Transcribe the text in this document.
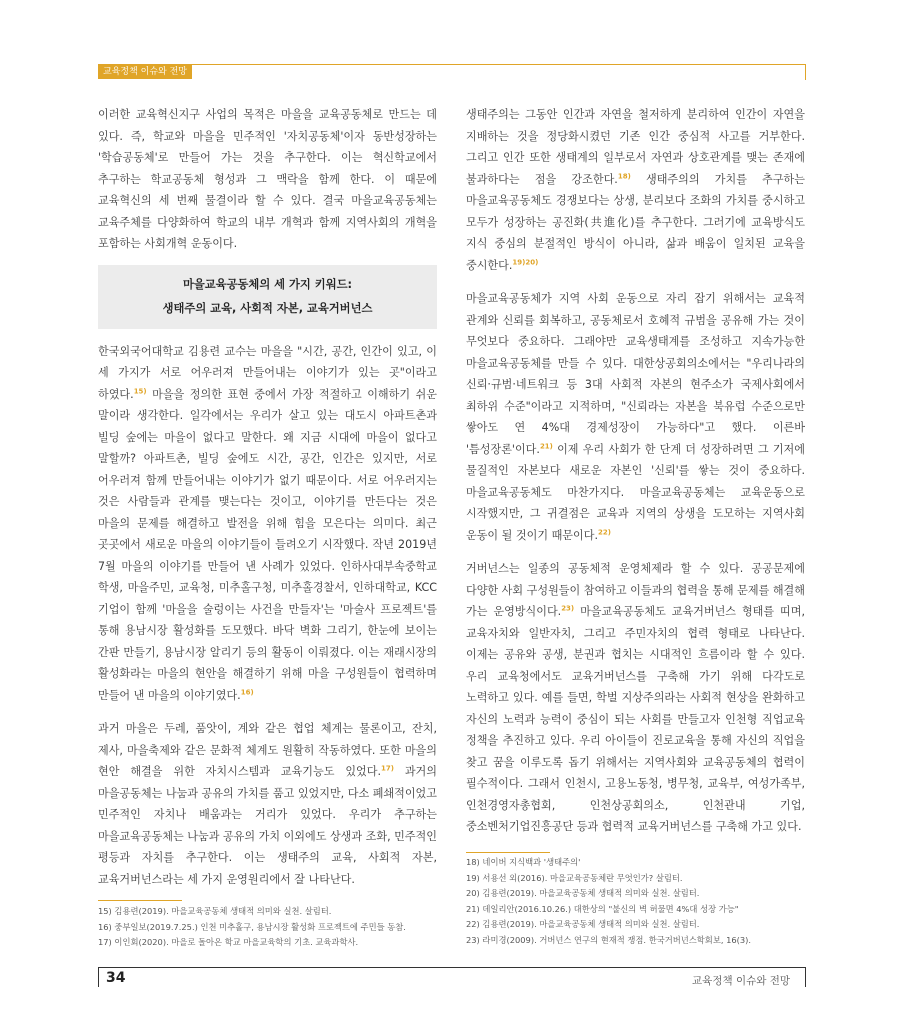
교육정책 이슈와 전망

이러한 교육혁신지구 사업의 목적은 마을을 교육공동체로 만드는 데 있다. 즉, 학교와 마을을 민주적인 '자치공동체'이자 동반성장하는 '학습공동체'로 만들어 가는 것을 추구한다. 이는 혁신학교에서 추구하는 학교공동체 형성과 그 맥락을 함께 한다. 이 때문에 교육혁신의 세 번째 물결이라 할 수 있다. 결국 마을교육공동체는 교육주체를 다양화하여 학교의 내부 개혁과 함께 지역사회의 개혁을 포함하는 사회개혁 운동이다.

마을교육공동체의 세 가지 키워드:
생태주의 교육, 사회적 자본, 교육거버넌스

한국외국어대학교 김용련 교수는 마을을 "시간, 공간, 인간이 있고, 이 세 가지가 서로 어우러져 만들어내는 이야기가 있는 곳"이라고 하였다.$^{15)}$ 마을을 정의한 표현 중에서 가장 적절하고 이해하기 쉬운 말이라 생각한다. 일각에서는 우리가 살고 있는 대도시 아파트촌과 빌딩 숲에는 마을이 없다고 말한다. 왜 지금 시대에 마을이 없다고 말할까? 아파트촌, 빌딩 숲에도 시간, 공간, 인간은 있지만, 서로 어우러져 함께 만들어내는 이야기가 없기 때문이다. 서로 어우러지는 것은 사람들과 관계를 맺는다는 것이고, 이야기를 만든다는 것은 마을의 문제를 해결하고 발전을 위해 힘을 모은다는 의미다. 최근 곳곳에서 새로운 마을의 이야기들이 들려오기 시작했다. 작년 2019년 7월 마을의 이야기를 만들어 낸 사례가 있었다. 인하사대부속중학교 학생, 마을주민, 교육청, 미추홀구청, 미추홀경찰서, 인하대학교, KCC 기업이 함께 '마을을 술렁이는 사건을 만들자'는 '마술사 프로젝트'를 통해 용남시장 활성화를 도모했다. 바닥 벽화 그리기, 한눈에 보이는 간판 만들기, 용남시장 알리기 등의 활동이 이뤄졌다. 이는 재래시장의 활성화라는 마을의 현안을 해결하기 위해 마을 구성원들이 협력하며 만들어 낸 마을의 이야기였다.$^{16)}$

과거 마을은 두레, 품앗이, 계와 같은 협업 체계는 물론이고, 잔치, 제사, 마을축제와 같은 문화적 체계도 원활히 작동하였다. 또한 마을의 현안 해결을 위한 자치시스템과 교육기능도 있었다.$^{17)}$ 과거의 마을공동체는 나눔과 공유의 가치를 품고 있었지만, 다소 폐쇄적이었고 민주적인 자치나 배움과는 거리가 있었다. 우리가 추구하는 마을교육공동체는 나눔과 공유의 가치 이외에도 상생과 조화, 민주적인 평등과 자치를 추구한다. 이는 생태주의 교육, 사회적 자본, 교육거버넌스라는 세 가지 운영원리에서 잘 나타난다.

생태주의는 그동안 인간과 자연을 철저하게 분리하여 인간이 자연을 지배하는 것을 정당화시켰던 기존 인간 중심적 사고를 거부한다. 그리고 인간 또한 생태계의 일부로서 자연과 상호관계를 맺는 존재에 불과하다는 점을 강조한다.$^{18)}$ 생태주의의 가치를 추구하는 마을교육공동체도 경쟁보다는 상생, 분리보다 조화의 가치를 중시하고 모두가 성장하는 공진화(共進化)를 추구한다. 그러기에 교육방식도 지식 중심의 분절적인 방식이 아니라, 삶과 배움이 일치된 교육을 중시한다.$^{19)20)}$

마을교육공동체가 지역 사회 운동으로 자리 잡기 위해서는 교육적 관계와 신뢰를 회복하고, 공동체로서 호혜적 규범을 공유해 가는 것이 무엇보다 중요하다. 그래야만 교육생태계를 조성하고 지속가능한 마을교육공동체를 만들 수 있다. 대한상공회의소에서는 "우리나라의 신뢰·규범·네트워크 등 3대 사회적 자본의 현주소가 국제사회에서 최하위 수준"이라고 지적하며, "신뢰라는 자본을 북유럽 수준으로만 쌓아도 연 4%대 경제성장이 가능하다"고 했다. 이른바 '틈성장론'이다.$^{21)}$ 이제 우리 사회가 한 단계 더 성장하려면 그 기저에 물질적인 자본보다 새로운 자본인 '신뢰'를 쌓는 것이 중요하다. 마을교육공동체도 마찬가지다. 마을교육공동체는 교육운동으로 시작했지만, 그 귀결점은 교육과 지역의 상생을 도모하는 지역사회 운동이 될 것이기 때문이다.$^{22)}$

거버넌스는 일종의 공동체적 운영체제라 할 수 있다. 공공문제에 다양한 사회 구성원들이 참여하고 이들과의 협력을 통해 문제를 해결해 가는 운영방식이다.$^{23)}$ 마을교육공동체도 교육거버넌스 형태를 띠며, 교육자치와 일반자치, 그리고 주민자치의 협력 형태로 나타난다. 이제는 공유와 공생, 분권과 협치는 시대적인 흐름이라 할 수 있다. 우리 교육청에서도 교육거버넌스를 구축해 가기 위해 다각도로 노력하고 있다. 예를 들면, 학벌 지상주의라는 사회적 현상을 완화하고 자신의 노력과 능력이 중심이 되는 사회를 만들고자 인천형 직업교육 정책을 추진하고 있다. 우리 아이들이 진로교육을 통해 자신의 직업을 찾고 꿈을 이루도록 돕기 위해서는 지역사회와 교육공동체의 협력이 필수적이다. 그래서 인천시, 고용노동청, 병무청, 교육부, 여성가족부, 인천경영자총협회, 인천상공회의소, 인천관내 기업, 중소벤처기업진흥공단 등과 협력적 교육거버넌스를 구축해 가고 있다.

15) 김용련(2019). 마을교육공동체 생태적 의미와 실천. 살림터.
16) 중부일보(2019.7.25.) 인천 미추홀구, 용남시장 활성화 프로젝트에 주민들 동참.
17) 이인회(2020). 마을로 돌아온 학교 마을교육학의 기초. 교육과학사.
18) 네이버 지식백과 '생태주의'
19) 서용선 외(2016). 마을교육공동체란 무엇인가? 살림터.
20) 김용련(2019). 마을교육공동체 생태적 의미와 실천. 살림터.
21) 데일리안(2016.10.26.) 대한상의 "불신의 벽 허물면 4%대 성장 가능"
22) 김용련(2019). 마을교육공동체 생태적 의미와 실천. 살림터.
23) 라미경(2009). 거버넌스 연구의 현재적 쟁점. 한국거버넌스학회보, 16(3).
34	교육정책 이슈와 전망
